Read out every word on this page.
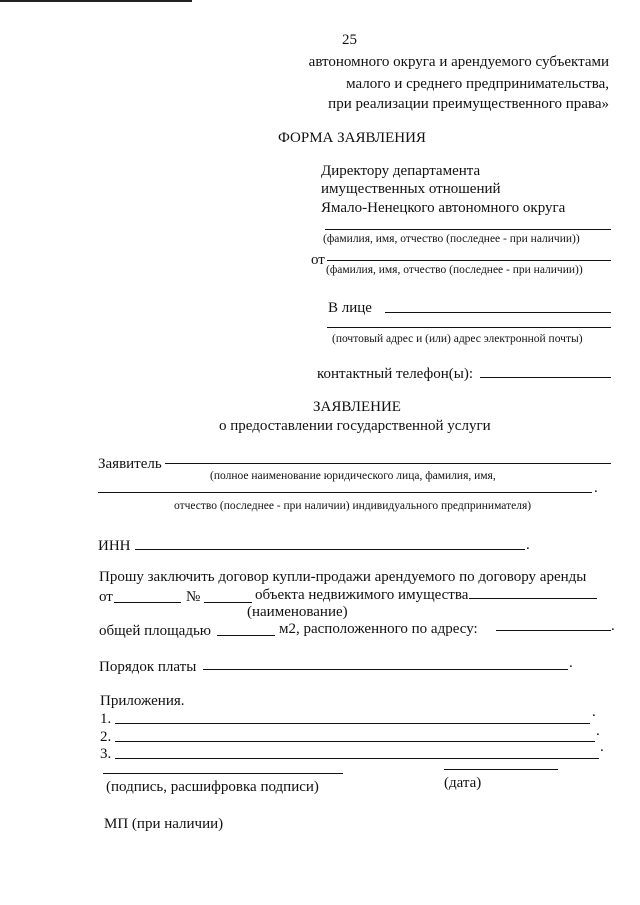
25
автономного округа и арендуемого субъектами
малого и среднего предпринимательства,
при реализации преимущественного права»
ФОРМА ЗАЯВЛЕНИЯ
Директору департамента
имущественных отношений
Ямало-Ненецкого автономного округа
(фамилия, имя, отчество (последнее - при наличии))
от
(фамилия, имя, отчество (последнее - при наличии))
В лице
(почтовый адрес и (или) адрес электронной почты)
контактный телефон(ы):
ЗАЯВЛЕНИЕ
о предоставлении государственной услуги
Заявитель
(полное наименование юридического лица, фамилия, имя,
.
отчество (последнее - при наличии) индивидуального предпринимателя)
ИНН	.
Прошу заключить договор купли-продажи арендуемого по договору аренды
от	№	объекта недвижимого имущества
(наименование)
общей площадью	м2, расположенного по адресу:	.
Порядок платы	.
Приложения.
1.	.
2.	.
3.	.
(подпись, расшифровка подписи)	(дата)
МП (при наличии)
